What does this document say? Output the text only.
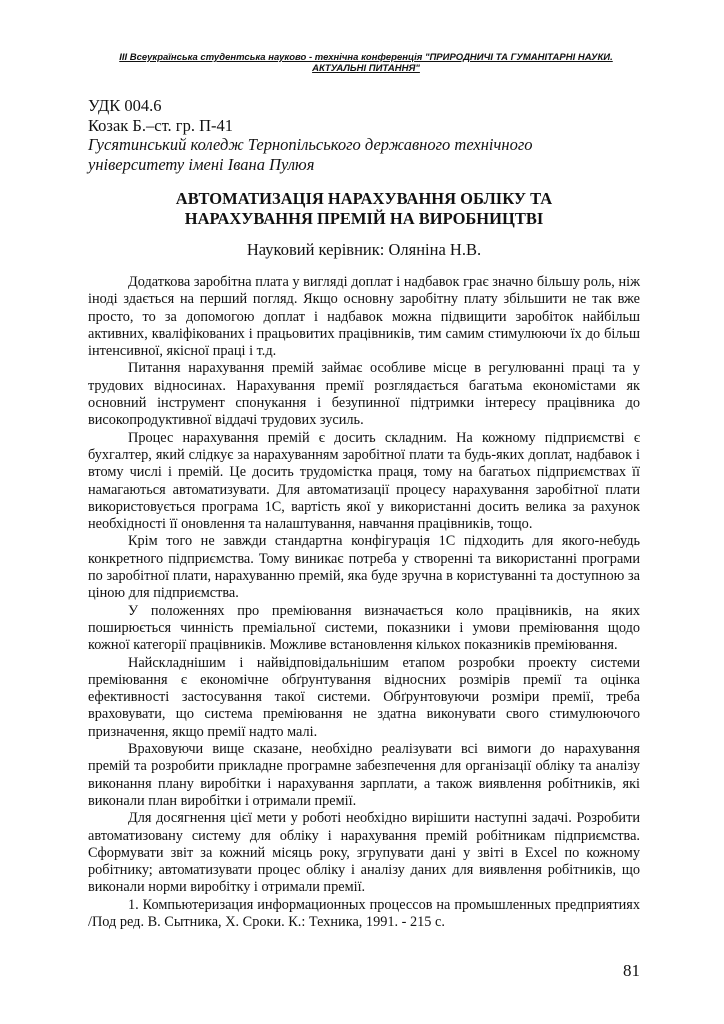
ІІІ Всеукраїнська студентська науково - технічна конференція "ПРИРОДНИЧІ ТА ГУМАНІТАРНІ НАУКИ.
АКТУАЛЬНІ ПИТАННЯ"

УДК 004.6

Козак Б.–ст. гр. П-41

Гусятинський коледж Тернопільського державного технічного

університету імені Івана Пулюя

АВТОМАТИЗАЦІЯ НАРАХУВАННЯ ОБЛІКУ ТА

НАРАХУВАННЯ ПРЕМІЙ НА ВИРОБНИЦТВІ

Науковий керівник: Оляніна Н.В.

Додаткова заробітна плата у вигляді доплат і надбавок грає значно більшу роль, ніж іноді здається на перший погляд. Якщо основну заробітну плату збільшити не так вже просто, то за допомогою доплат і надбавок можна підвищити заробіток найбільш активних, кваліфікованих і працьовитих працівників, тим самим стимулюючи їх до більш інтенсивної, якісної праці і т.д.

Питання нарахування премій займає особливе місце в регулюванні праці та у трудових відносинах. Нарахування премії розглядається багатьма економістами як основний інструмент спонукання і безупинної підтримки інтересу працівника до високопродуктивної віддачі трудових зусиль.

Процес нарахування премій є досить складним. На кожному підприємстві є бухгалтер, який слідкує за нарахуванням заробітної плати та будь-яких доплат, надбавок і втому числі і премій. Це досить трудомістка праця, тому на багатьох підприємствах її намагаються автоматизувати. Для автоматизації процесу нарахування заробітної плати використовується програма 1С, вартість якої у використанні досить велика за рахунок необхідності її оновлення та налаштування, навчання працівників, тощо.

Крім того не завжди стандартна конфігурація 1С підходить для якого-небудь конкретного підприємства. Тому виникає потреба у створенні та використанні програми по заробітної плати, нарахуванню премій, яка буде зручна в користуванні та доступною за ціною для підприємства.

У положеннях про преміювання визначається коло працівників, на яких поширюється чинність преміальної системи, показники і умови преміювання щодо кожної категорії працівників. Можливе встановлення кількох показників преміювання.

Найскладнішим і найвідповідальнішим етапом розробки проекту системи преміювання є економічне обґрунтування відносних розмірів премії та оцінка ефективності застосування такої системи. Обґрунтовуючи розміри премії, треба враховувати, що система преміювання не здатна виконувати свого стимулюючого призначення, якщо премії надто малі.

Враховуючи вище сказане, необхідно реалізувати всі вимоги до нарахування премій та розробити прикладне програмне забезпечення для організації обліку та аналізу виконання плану виробітки і нарахування зарплати, а також виявлення робітників, які виконали план виробітки і отримали премії.

Для досягнення цієї мети у роботі необхідно вирішити наступні задачі. Розробити автоматизовану систему для обліку і нарахування премій робітникам підприємства. Сформувати звіт за кожний місяць року, згрупувати дані у звіті в Excel по кожному робітнику; автоматизувати процес обліку і аналізу даних для виявлення робітників, що виконали норми виробітку і отримали премії.

1. Компьютеризация информационных процессов на промышленных предприятиях /Под ред. В. Сытника, Х. Сроки. К.: Техника, 1991. - 215 с.

81
